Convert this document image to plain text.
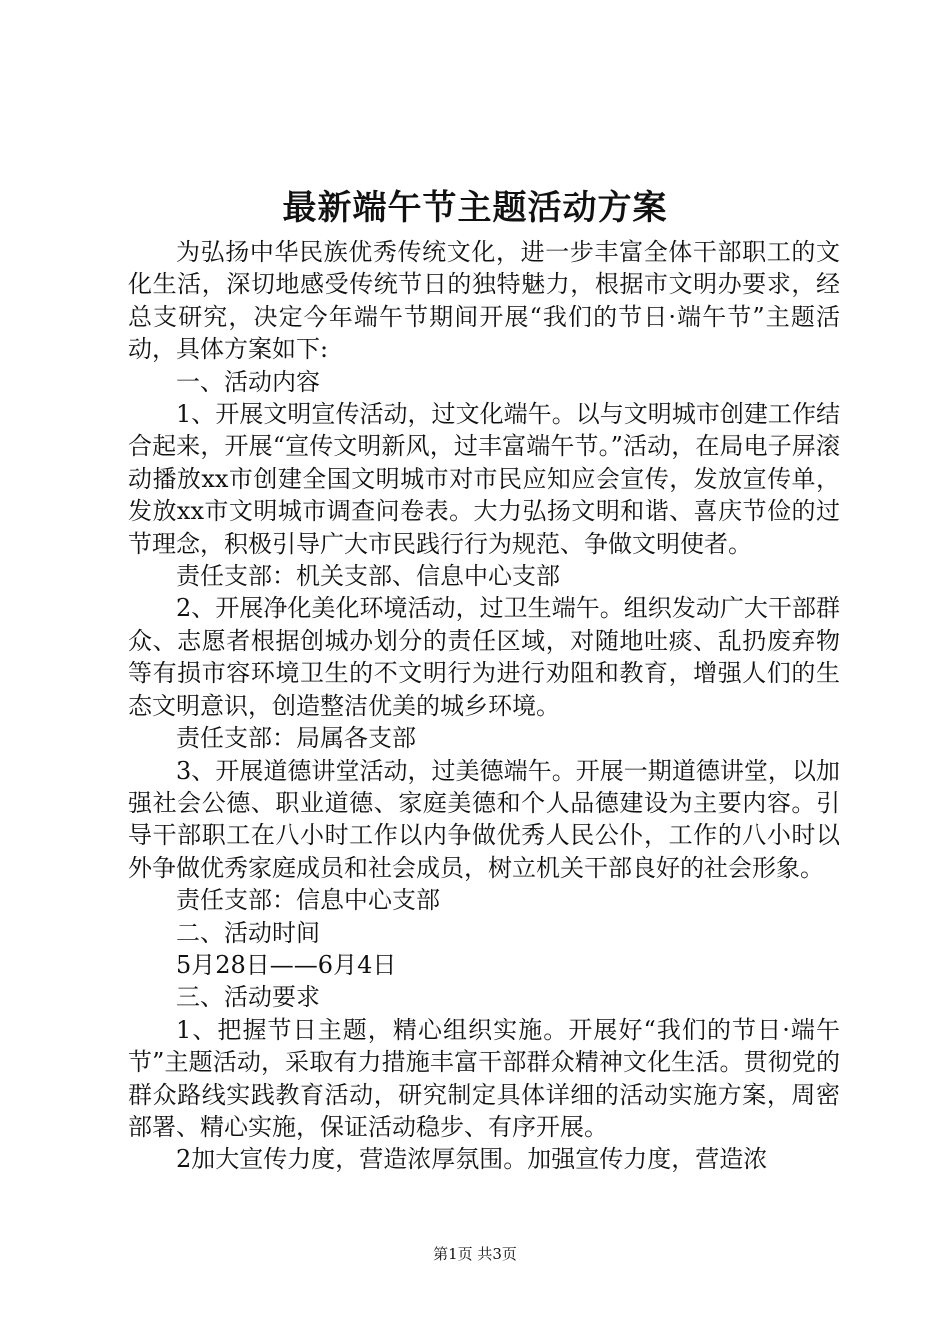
最新端午节主题活动方案

为弘扬中华民族优秀传统文化，进一步丰富全体干部职工的文化生活，深切地感受传统节日的独特魅力，根据市文明办要求，经总支研究，决定今年端午节期间开展“我们的节日·端午节”主题活动，具体方案如下:

一、活动内容

1、开展文明宣传活动，过文化端午。以与文明城市创建工作结合起来，开展“宣传文明新风，过丰富端午节。”活动，在局电子屏滚动播放xx市创建全国文明城市对市民应知应会宣传，发放宣传单，发放xx市文明城市调查问卷表。大力弘扬文明和谐、喜庆节俭的过节理念，积极引导广大市民践行行为规范、争做文明使者。

责任支部：机关支部、信息中心支部

2、开展净化美化环境活动，过卫生端午。组织发动广大干部群众、志愿者根据创城办划分的责任区域，对随地吐痰、乱扔废弃物等有损市容环境卫生的不文明行为进行劝阻和教育，增强人们的生态文明意识，创造整洁优美的城乡环境。

责任支部：局属各支部

3、开展道德讲堂活动，过美德端午。开展一期道德讲堂，以加强社会公德、职业道德、家庭美德和个人品德建设为主要内容。引导干部职工在八小时工作以内争做优秀人民公仆，工作的八小时以外争做优秀家庭成员和社会成员，树立机关干部良好的社会形象。

责任支部：信息中心支部

二、活动时间

5月28日——6月4日

三、活动要求

1、把握节日主题，精心组织实施。开展好“我们的节日·端午节”主题活动，采取有力措施丰富干部群众精神文化生活。贯彻党的群众路线实践教育活动，研究制定具体详细的活动实施方案，周密部署、精心实施，保证活动稳步、有序开展。

2加大宣传力度，营造浓厚氛围。加强宣传力度，营造浓

第1页 共3页
